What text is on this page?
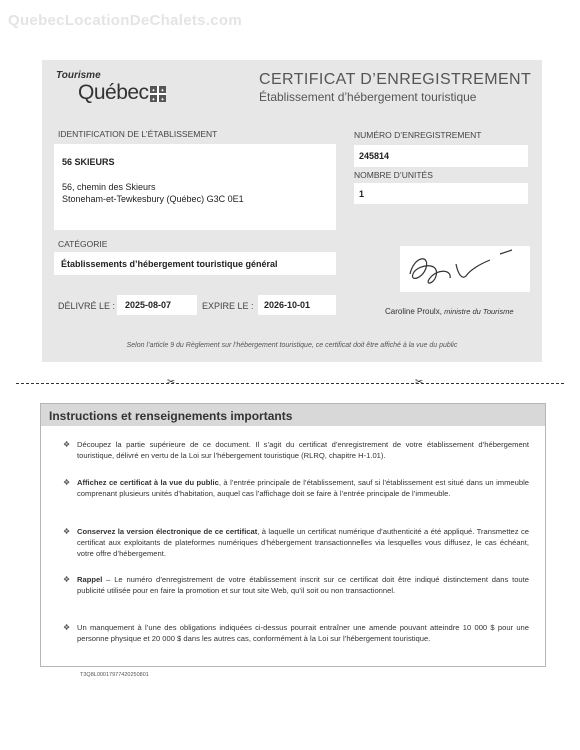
QuebecLocationDeChalets.com
Tourisme
Québec ✦ ✦
✦ ✦
CERTIFICAT D’ENREGISTREMENT
Établissement d’hébergement touristique
IDENTIFICATION DE L’ÉTABLISSEMENT
56 SKIEURS
56, chemin des Skieurs
Stoneham-et-Tewkesbury (Québec) G3C 0E1
NUMÉRO D’ENREGISTREMENT
245814
NOMBRE D’UNITÉS
1
CATÉGORIE
Établissements d’hébergement touristique général
DÉLIVRÉ LE : 2025-08-07	EXPIRE LE : 2026-10-01
Caroline Proulx, ministre du Tourisme
Selon l’article 9 du Règlement sur l’hébergement touristique, ce certificat doit être affiché à la vue du public
✂	✂
Instructions et renseignements importants
❖ Découpez la partie supérieure de ce document. Il s’agit du certificat d’enregistrement de votre établissement d’hébergement touristique, délivré en vertu de la Loi sur l’hébergement touristique (RLRQ, chapitre H-1.01).
❖ Affichez ce certificat à la vue du public, à l’entrée principale de l’établissement, sauf si l’établissement est situé dans un immeuble comprenant plusieurs unités d’habitation, auquel cas l’affichage doit se faire à l’entrée principale de l’immeuble.
❖ Conservez la version électronique de ce certificat, à laquelle un certificat numérique d’authenticité a été appliqué. Transmettez ce certificat aux exploitants de plateformes numériques d’hébergement transactionnelles via lesquelles vous diffusez, le cas échéant, votre offre d’hébergement.
❖ Rappel – Le numéro d’enregistrement de votre établissement inscrit sur ce certificat doit être indiqué distinctement dans toute publicité utilisée pour en faire la promotion et sur tout site Web, qu’il soit ou non transactionnel.
❖ Un manquement à l’une des obligations indiquées ci-dessus pourrait entraîner une amende pouvant atteindre 10 000 $ pour une personne physique et 20 000 $ dans les autres cas, conformément à la Loi sur l’hébergement touristique.
T3Q8L00017977420250801
